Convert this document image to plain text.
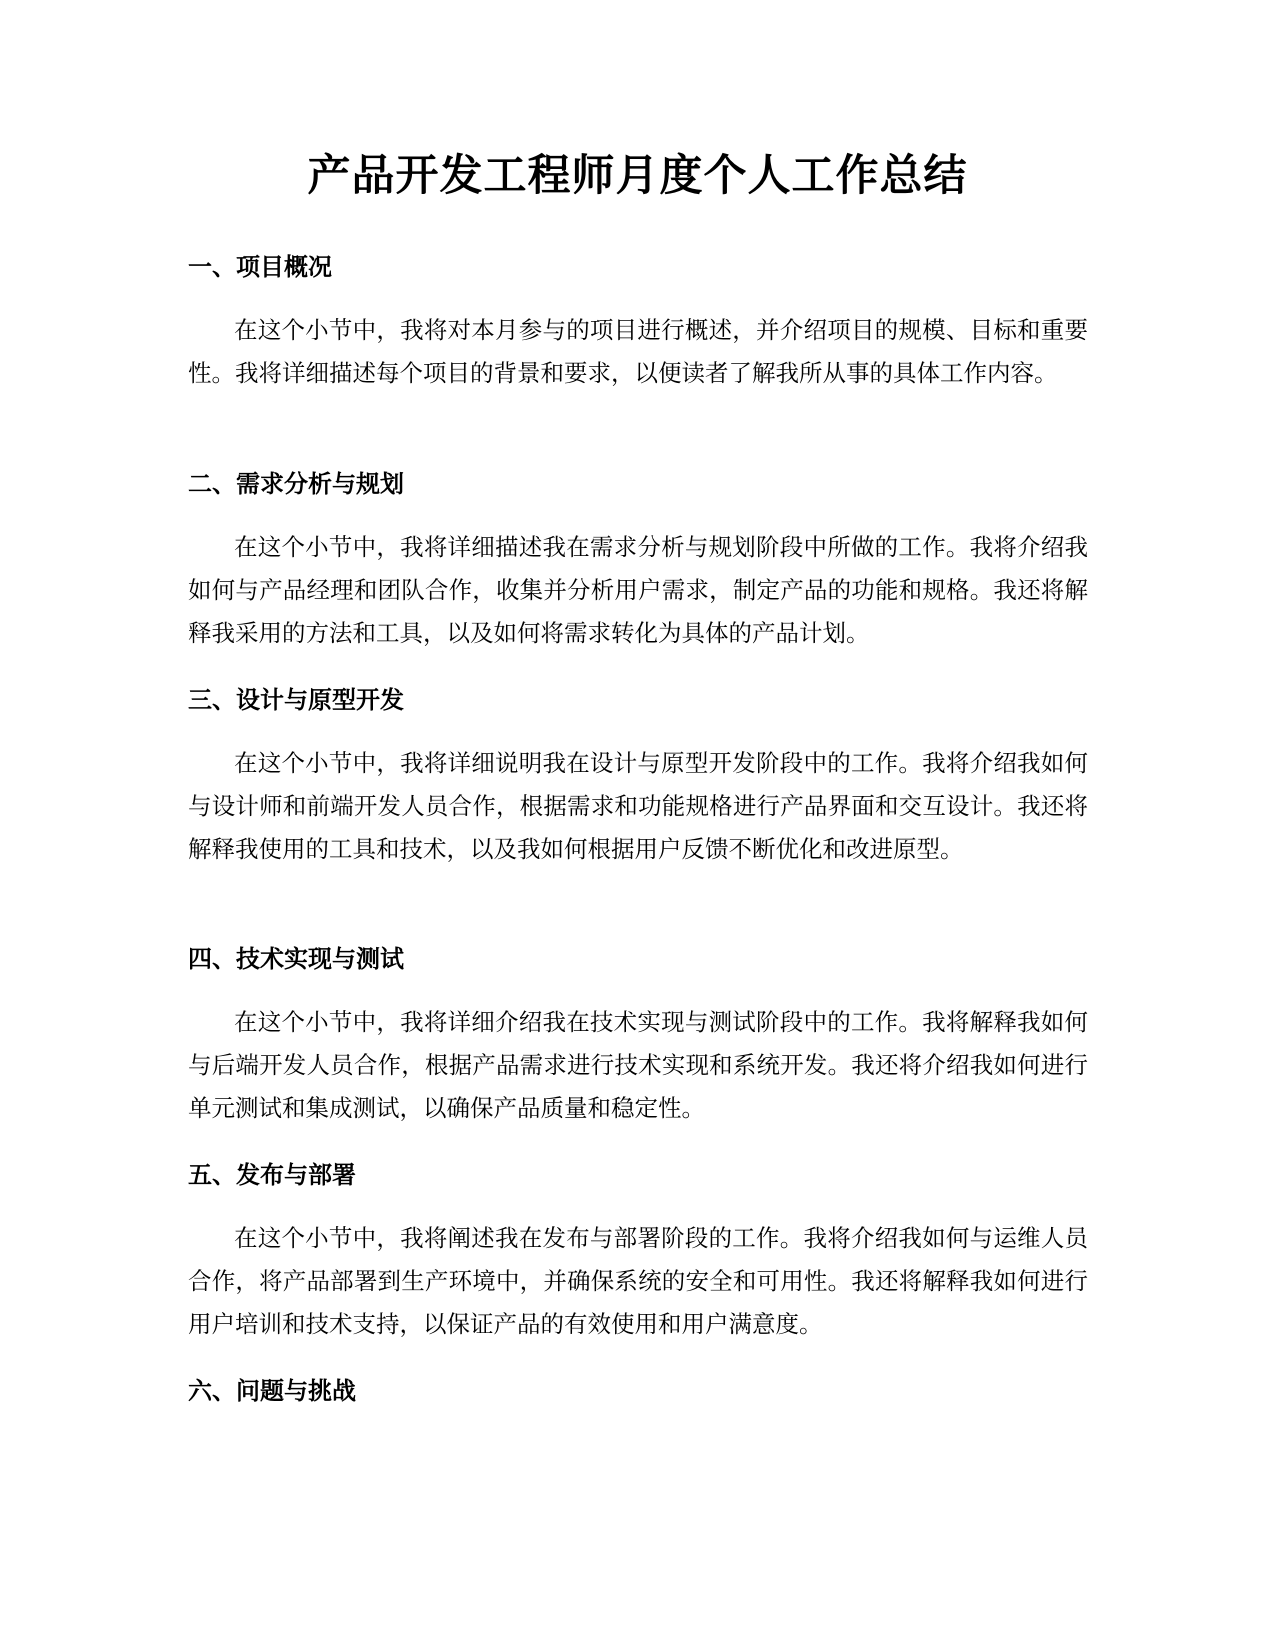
产品开发工程师月度个人工作总结
一、项目概况

在这个小节中，我将对本月参与的项目进行概述，并介绍项目的规模、目标和重要性。我将详细描述每个项目的背景和要求，以便读者了解我所从事的具体工作内容。

二、需求分析与规划

在这个小节中，我将详细描述我在需求分析与规划阶段中所做的工作。我将介绍我如何与产品经理和团队合作，收集并分析用户需求，制定产品的功能和规格。我还将解释我采用的方法和工具，以及如何将需求转化为具体的产品计划。

三、设计与原型开发

在这个小节中，我将详细说明我在设计与原型开发阶段中的工作。我将介绍我如何与设计师和前端开发人员合作，根据需求和功能规格进行产品界面和交互设计。我还将解释我使用的工具和技术，以及我如何根据用户反馈不断优化和改进原型。

四、技术实现与测试

在这个小节中，我将详细介绍我在技术实现与测试阶段中的工作。我将解释我如何与后端开发人员合作，根据产品需求进行技术实现和系统开发。我还将介绍我如何进行单元测试和集成测试，以确保产品质量和稳定性。

五、发布与部署

在这个小节中，我将阐述我在发布与部署阶段的工作。我将介绍我如何与运维人员合作，将产品部署到生产环境中，并确保系统的安全和可用性。我还将解释我如何进行用户培训和技术支持，以保证产品的有效使用和用户满意度。

六、问题与挑战
